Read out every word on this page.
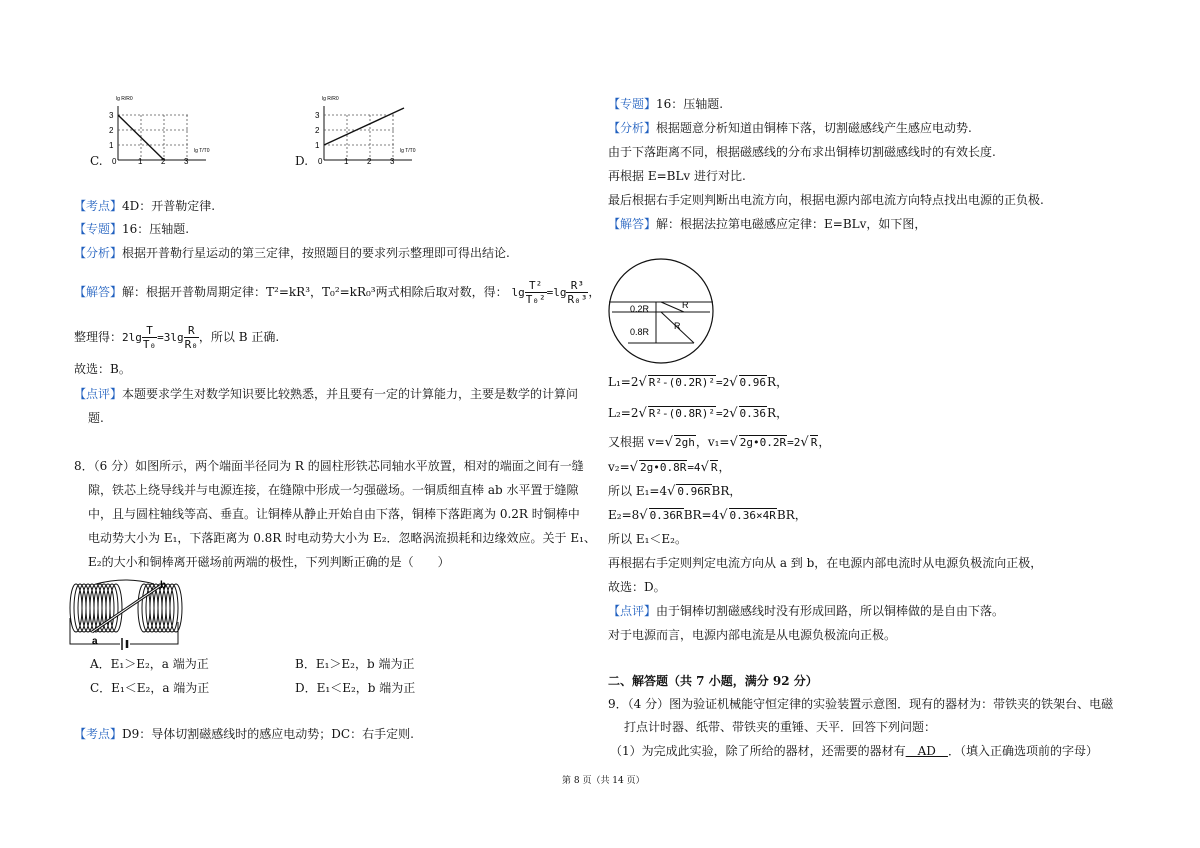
C.
lg R/R0
3
2
1
0	1 2 3
lg T/T0
D.
lg R/R0
3
2
1
0	1 2 3
lg T/T0
【考点】4D：开普勒定律.
【专题】16：压轴题.
【分析】根据开普勒行星运动的第三定律，按照题目的要求列示整理即可得出结论.
【解答】解：根据开普勒周期定律：T²=kR³，T₀²=kR₀³两式相除后取对数，得： $\lg \frac{\text{T²}}{\text{T₀²}} =\lg \frac{\text{R³}}{\text{R₀³}}$ ，
整理得：$2\lg \frac{T}{\text{T₀}} =3\lg \frac{R}{\text{R₀}}$ ，所以 B 正确.
故选：B。
【点评】本题要求学生对数学知识要比较熟悉，并且要有一定的计算能力，主要是数学的计算问
题.
8．（6 分）如图所示，两个端面半径同为 R 的圆柱形铁芯同轴水平放置，相对的端面之间有一缝
隙，铁芯上绕导线并与电源连接，在缝隙中形成一匀强磁场。一铜质细直棒 ab 水平置于缝隙
中，且与圆柱轴线等高、垂直。让铜棒从静止开始自由下落，铜棒下落距离为 0.2R 时铜棒中
电动势大小为 E₁，下落距离为 0.8R 时电动势大小为 E₂．忽略涡流损耗和边缘效应。关于 E₁、
E₂的大小和铜棒离开磁场前两端的极性，下列判断正确的是（　　）
a
b
A．E₁＞E₂，a 端为正	B．E₁＞E₂，b 端为正
C．E₁＜E₂，a 端为正	D．E₁＜E₂，b 端为正
【考点】D9：导体切割磁感线时的感应电动势；DC：右手定则.
【专题】16：压轴题.
【分析】根据题意分析知道由铜棒下落，切割磁感线产生感应电动势.
由于下落距离不同，根据磁感线的分布求出铜棒切割磁感线时的有效长度.
再根据 E=BLv 进行对比.
最后根据右手定则判断出电流方向，根据电源内部电流方向特点找出电源的正负极.
【解答】解：根据法拉第电磁感应定律：E=BLv，如下图，
0.2R
0.8R
R
R
L₁=2√ R²-(0.2R)²=2√ 0.96R，
L₂=2√ R²-(0.8R)²=2√ 0.36R，
又根据 v=√ 2gh，v₁=√ 2g•0.2R=2√ R，
v₂=√ 2g•0.8R=4√ R，
所以 E₁=4√ 0.96RBR，
E₂=8√ 0.36RBR=4√ 0.36×4RBR，
所以 E₁＜E₂。
再根据右手定则判定电流方向从 a 到 b，在电源内部电流时从电源负极流向正极，
故选：D。
【点评】由于铜棒切割磁感线时没有形成回路，所以铜棒做的是自由下落。
对于电源而言，电源内部电流是从电源负极流向正极。
二、解答题（共 7 小题，满分 92 分）
9．（4 分）图为验证机械能守恒定律的实验装置示意图．现有的器材为：带铁夹的铁架台、电磁
打点计时器、纸带、带铁夹的重锤、天平．回答下列问题：
（1）为完成此实验，除了所给的器材，还需要的器材有　AD　．（填入正确选项前的字母）
第 8 页（共 14 页）
